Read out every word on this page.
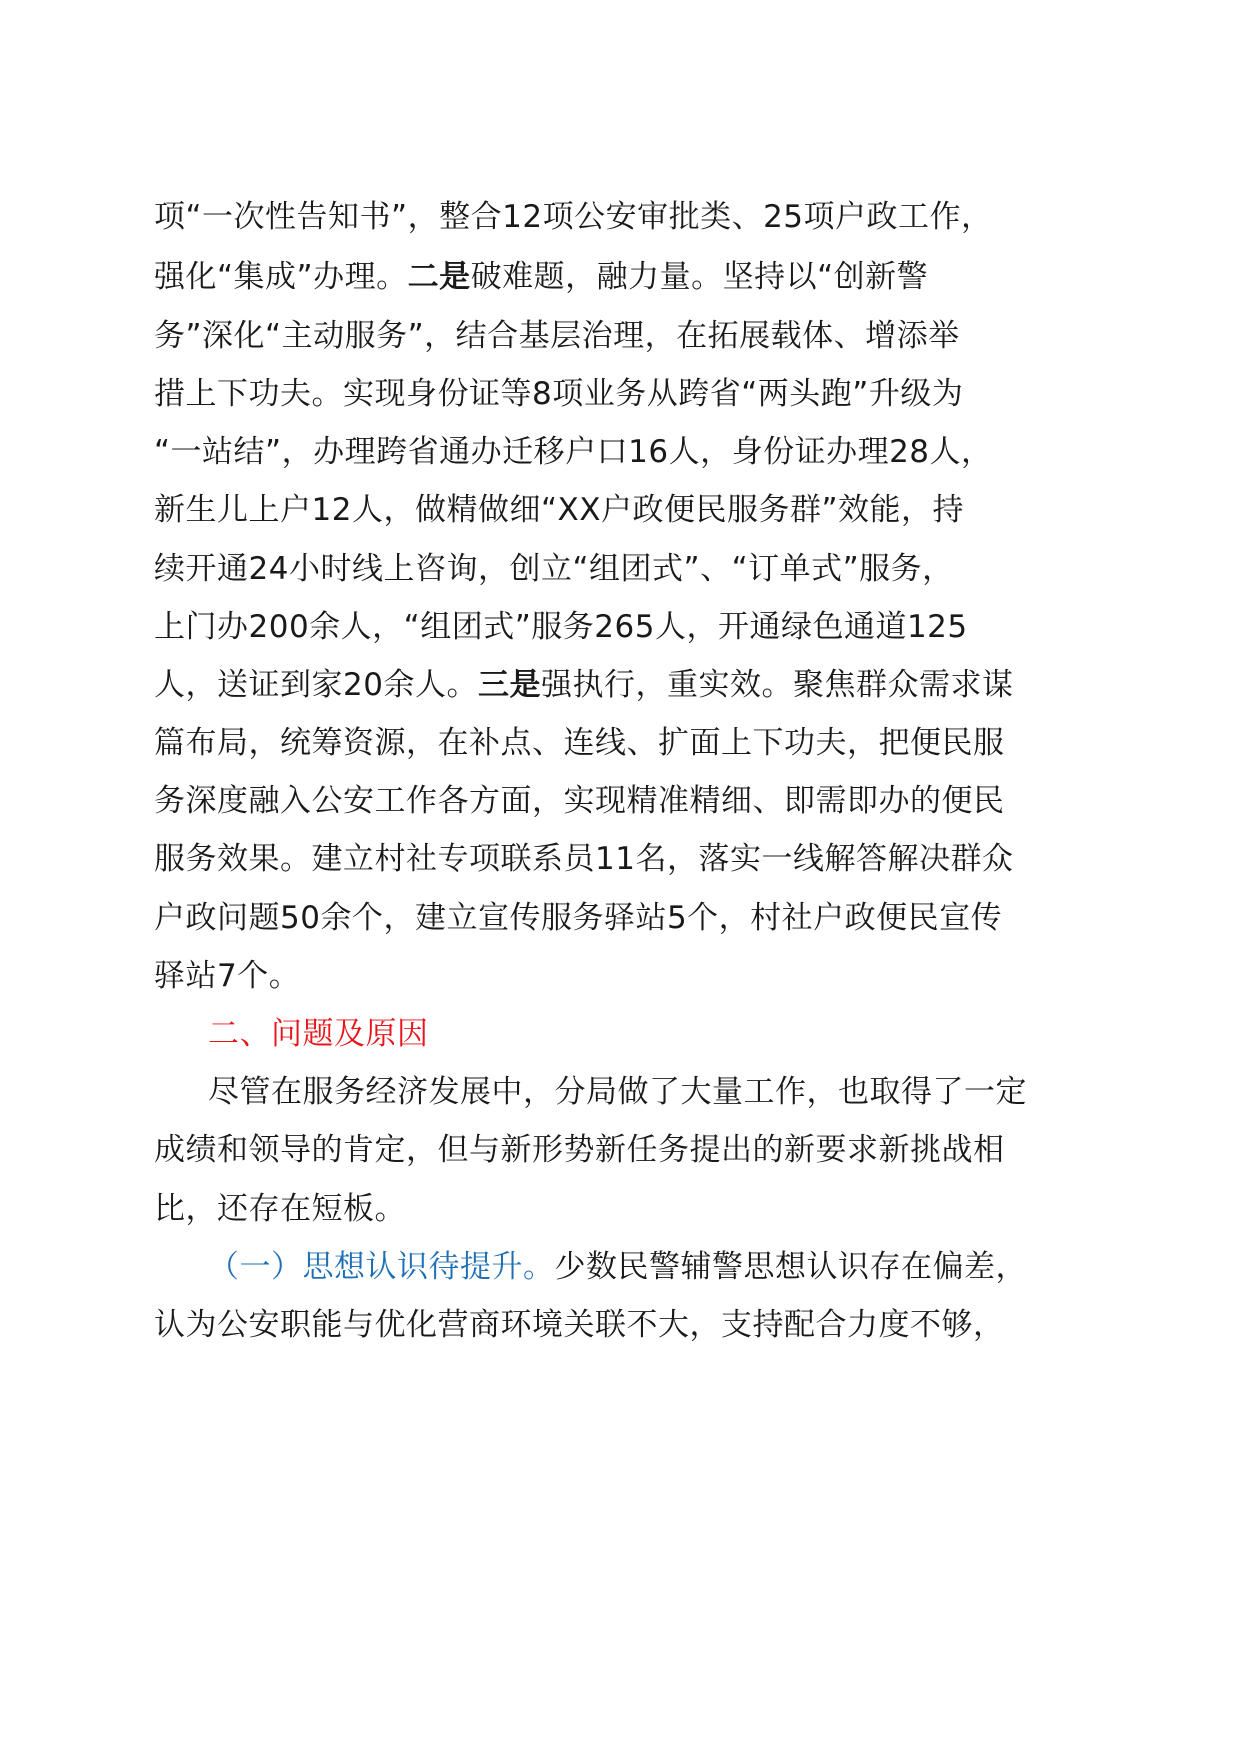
项“一次性告知书”，整合12项公安审批类、25项户政工作，
强化“集成”办理。二是破难题，融力量。坚持以“创新警
务”深化“主动服务”，结合基层治理，在拓展载体、增添举
措上下功夫。实现身份证等8项业务从跨省“两头跑”升级为
“一站结”，办理跨省通办迁移户口16人，身份证办理28人，
新生儿上户12人，做精做细“XX户政便民服务群”效能，持
续开通24小时线上咨询，创立“组团式”、“订单式”服务，
上门办200余人，“组团式”服务265人，开通绿色通道125
人，送证到家20余人。三是强执行，重实效。聚焦群众需求谋
篇布局，统筹资源，在补点、连线、扩面上下功夫，把便民服
务深度融入公安工作各方面，实现精准精细、即需即办的便民
服务效果。建立村社专项联系员11名，落实一线解答解决群众
户政问题50余个，建立宣传服务驿站5个，村社户政便民宣传
驿站7个。
二、问题及原因
尽管在服务经济发展中，分局做了大量工作，也取得了一定
成绩和领导的肯定，但与新形势新任务提出的新要求新挑战相
比，还存在短板。
（一）思想认识待提升。少数民警辅警思想认识存在偏差，
认为公安职能与优化营商环境关联不大，支持配合力度不够，
